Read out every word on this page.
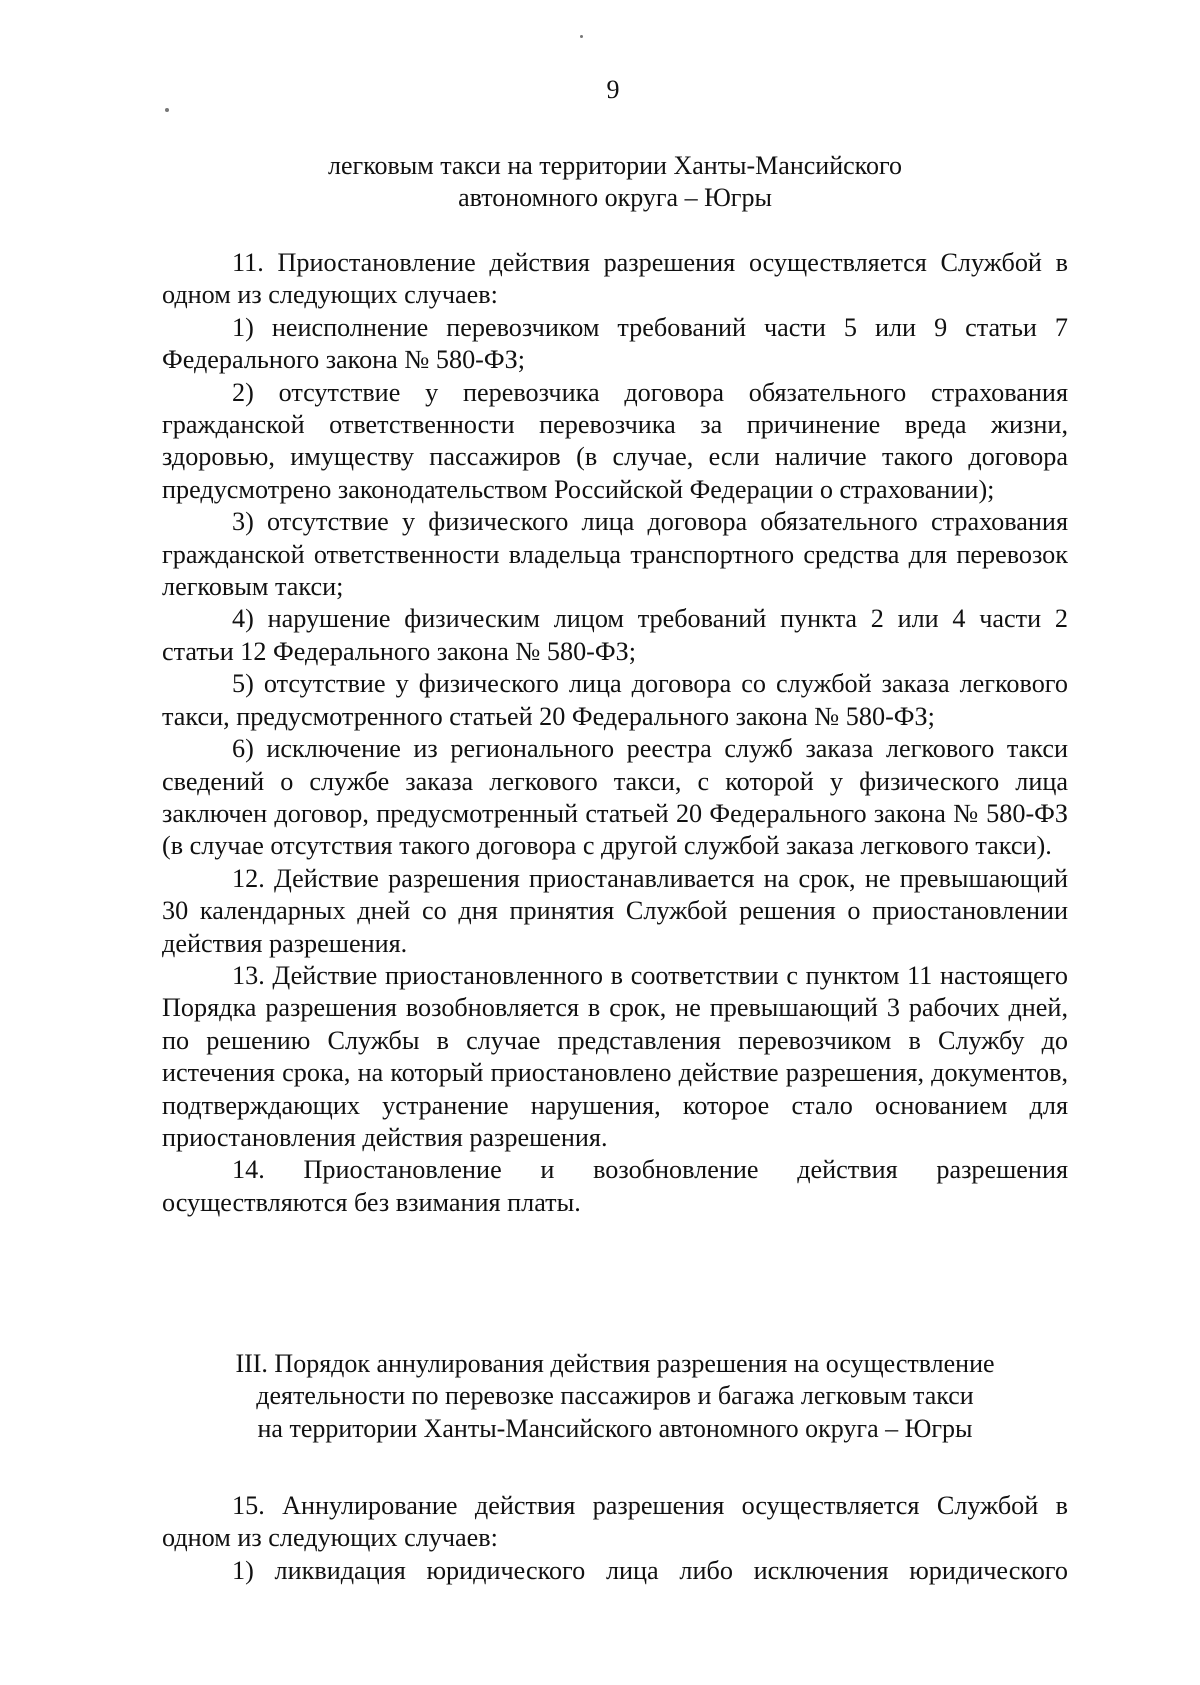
9
легковым такси на территории Ханты-Мансийского
автономного округа – Югры

11. Приостановление действия разрешения осуществляется Службой в одном из следующих случаев:

1) неисполнение перевозчиком требований части 5 или 9 статьи 7 Федерального закона № 580-ФЗ;

2) отсутствие у перевозчика договора обязательного страхования гражданской ответственности перевозчика за причинение вреда жизни, здоровью, имуществу пассажиров (в случае, если наличие такого договора предусмотрено законодательством Российской Федерации о страховании);

3) отсутствие у физического лица договора обязательного страхования гражданской ответственности владельца транспортного средства для перевозок легковым такси;

4) нарушение физическим лицом требований пункта 2 или 4 части 2 статьи 12 Федерального закона № 580-ФЗ;

5) отсутствие у физического лица договора со службой заказа легкового такси, предусмотренного статьей 20 Федерального закона № 580-ФЗ;

6) исключение из регионального реестра служб заказа легкового такси сведений о службе заказа легкового такси, с которой у физического лица заключен договор, предусмотренный статьей 20 Федерального закона № 580-ФЗ (в случае отсутствия такого договора с другой службой заказа легкового такси).

12. Действие разрешения приостанавливается на срок, не превышающий 30 календарных дней со дня принятия Службой решения о приостановлении действия разрешения.

13. Действие приостановленного в соответствии с пунктом 11 настоящего Порядка разрешения возобновляется в срок, не превышающий 3 рабочих дней, по решению Службы в случае представления перевозчиком в Службу до истечения срока, на который приостановлено действие разрешения, документов, подтверждающих устранение нарушения, которое стало основанием для приостановления действия разрешения.

14. Приостановление и возобновление действия разрешения осуществляются без взимания платы.

III. Порядок аннулирования действия разрешения на осуществление
деятельности по перевозке пассажиров и багажа легковым такси
на территории Ханты-Мансийского автономного округа – Югры

15. Аннулирование действия разрешения осуществляется Службой в одном из следующих случаев:

1) ликвидация юридического лица либо исключения юридического
